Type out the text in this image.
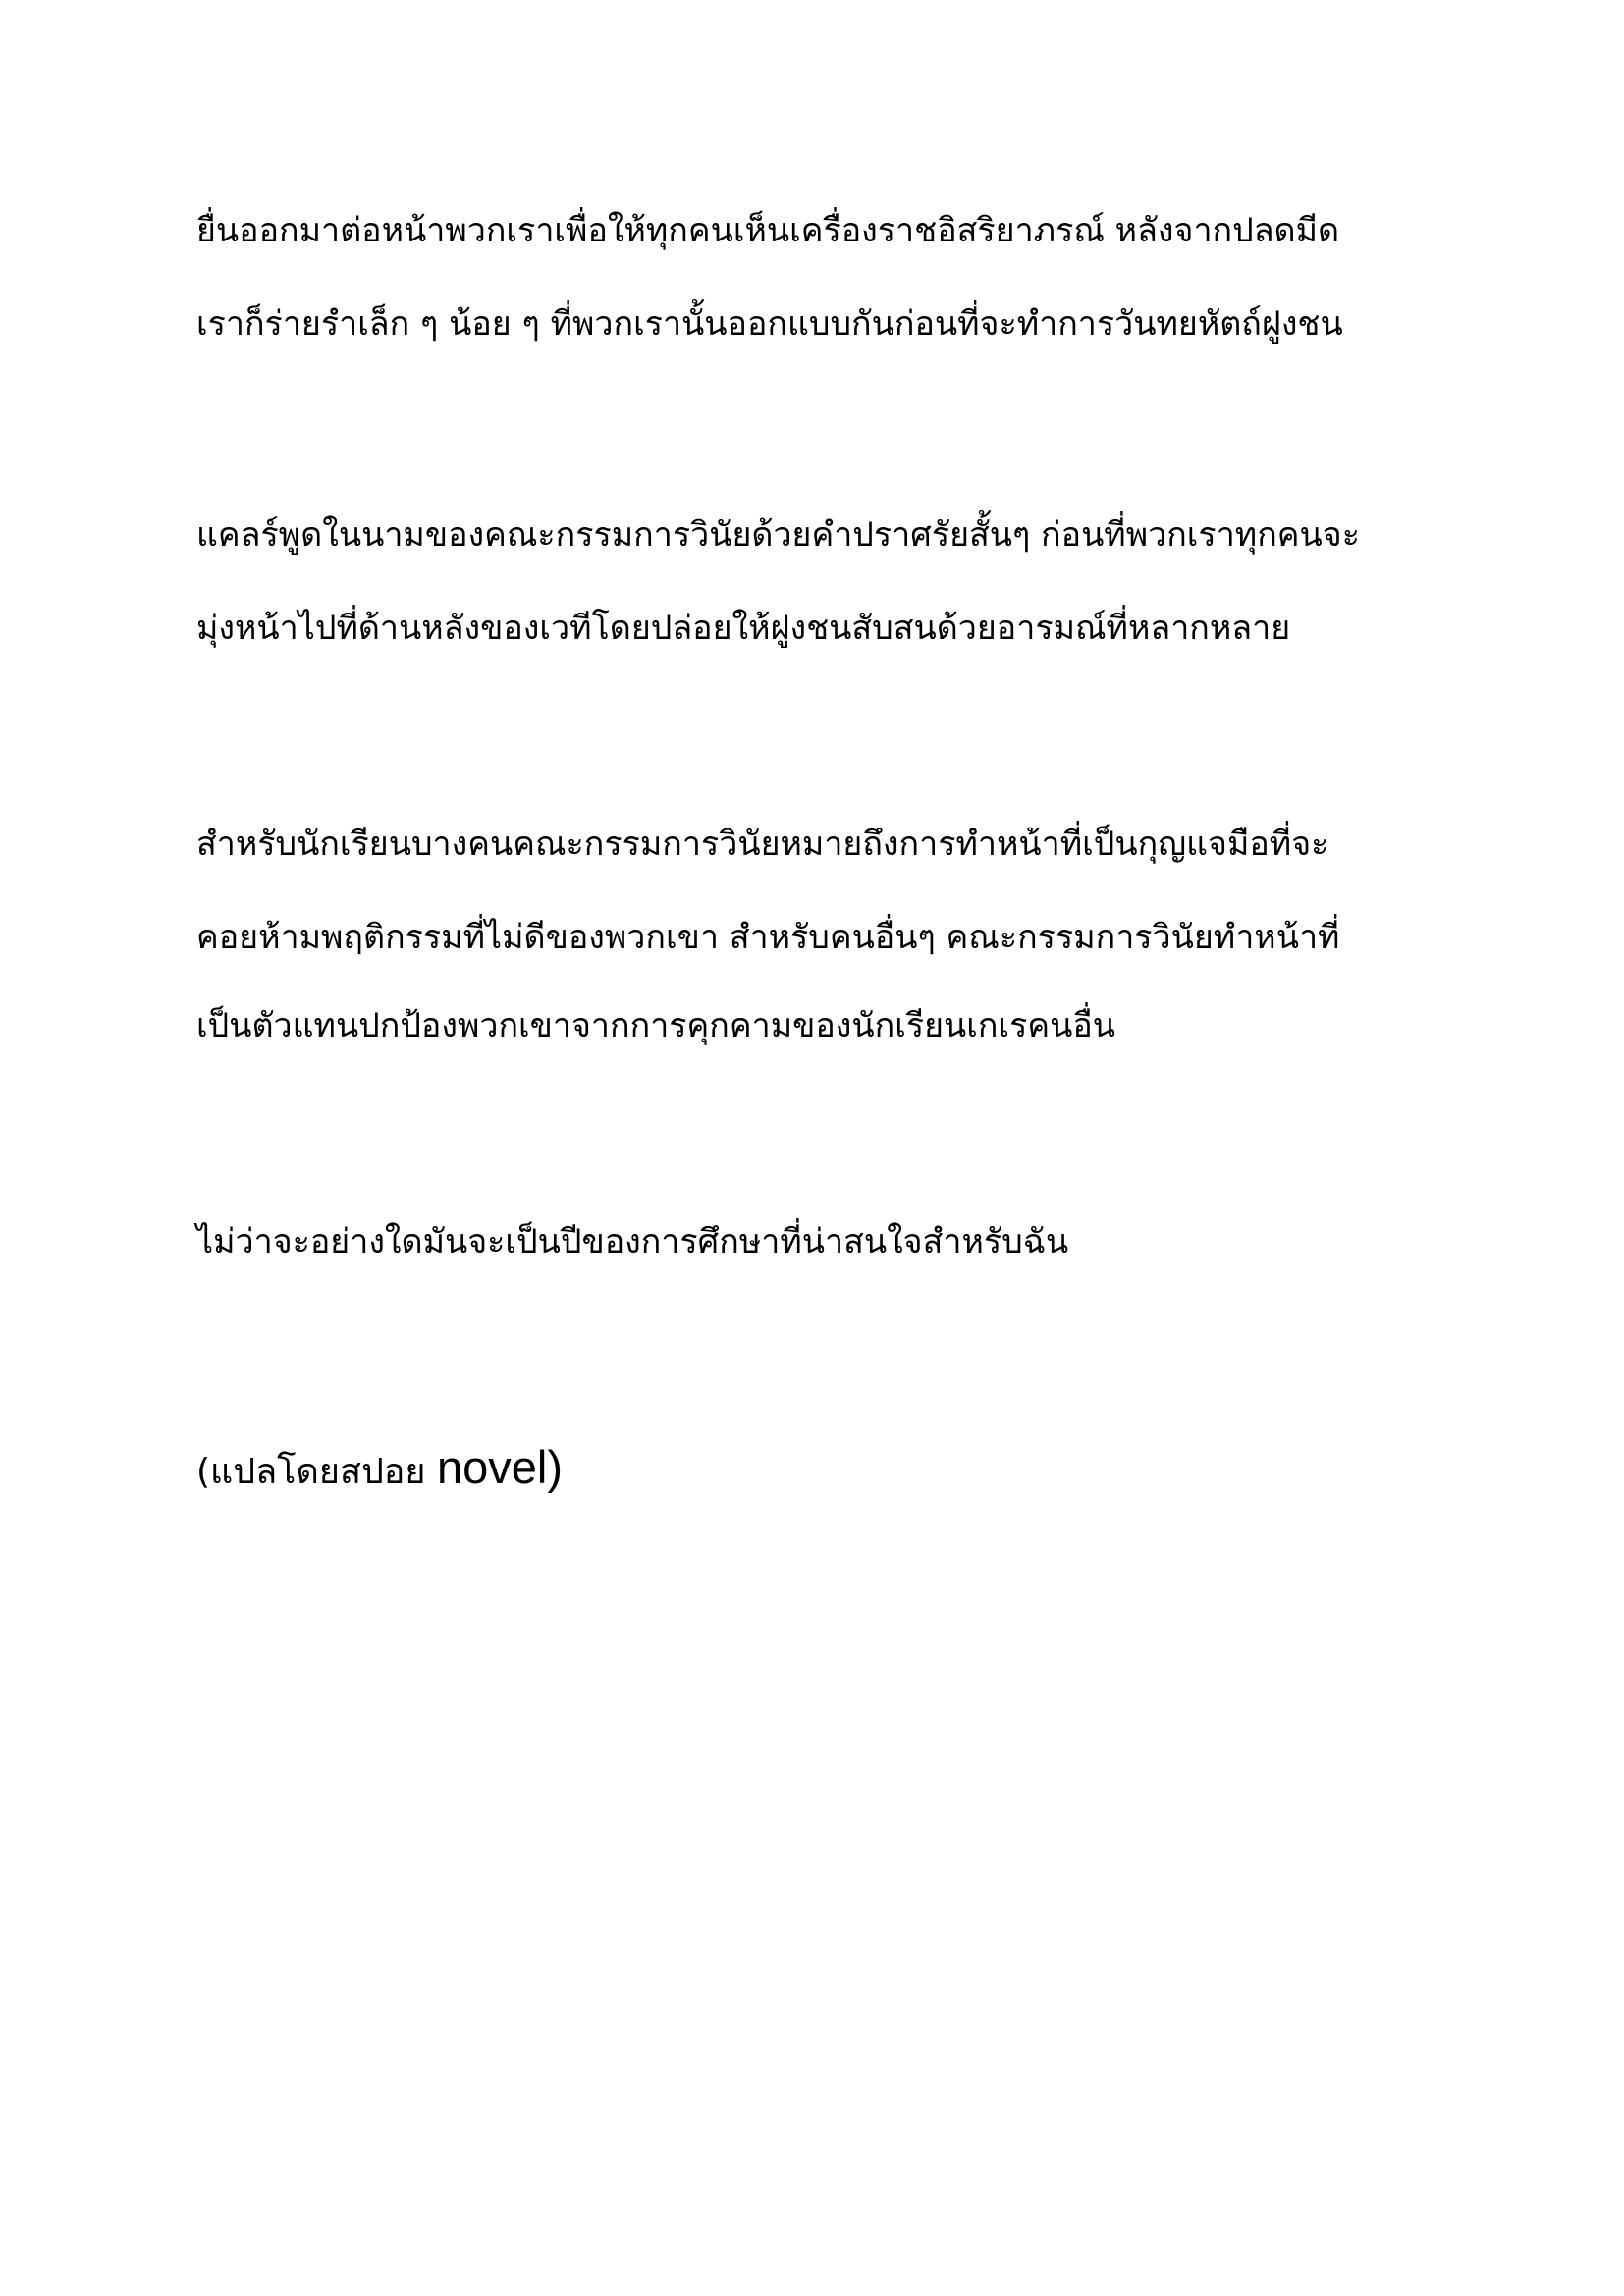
ยื่นออกมาต่อหน้าพวกเราเพื่อให้ทุกคนเห็นเครื่องราชอิสริยาภรณ์ หลังจากปลดมีด
เราก็ร่ายรำเล็ก ๆ น้อย ๆ ที่พวกเรานั้นออกแบบกันก่อนที่จะทำการวันทยหัตถ์ฝูงชน
แคลร์พูดในนามของคณะกรรมการวินัยด้วยคำปราศรัยสั้นๆ ก่อนที่พวกเราทุกคนจะ
มุ่งหน้าไปที่ด้านหลังของเวทีโดยปล่อยให้ฝูงชนสับสนด้วยอารมณ์ที่หลากหลาย
สำหรับนักเรียนบางคนคณะกรรมการวินัยหมายถึงการทำหน้าที่เป็นกุญแจมือที่จะ
คอยห้ามพฤติกรรมที่ไม่ดีของพวกเขา สำหรับคนอื่นๆ คณะกรรมการวินัยทำหน้าที่
เป็นตัวแทนปกป้องพวกเขาจากการคุกคามของนักเรียนเกเรคนอื่น
ไม่ว่าจะอย่างใดมันจะเป็นปีของการศึกษาที่น่าสนใจสำหรับฉัน
(แปลโดยสปอย novel)
